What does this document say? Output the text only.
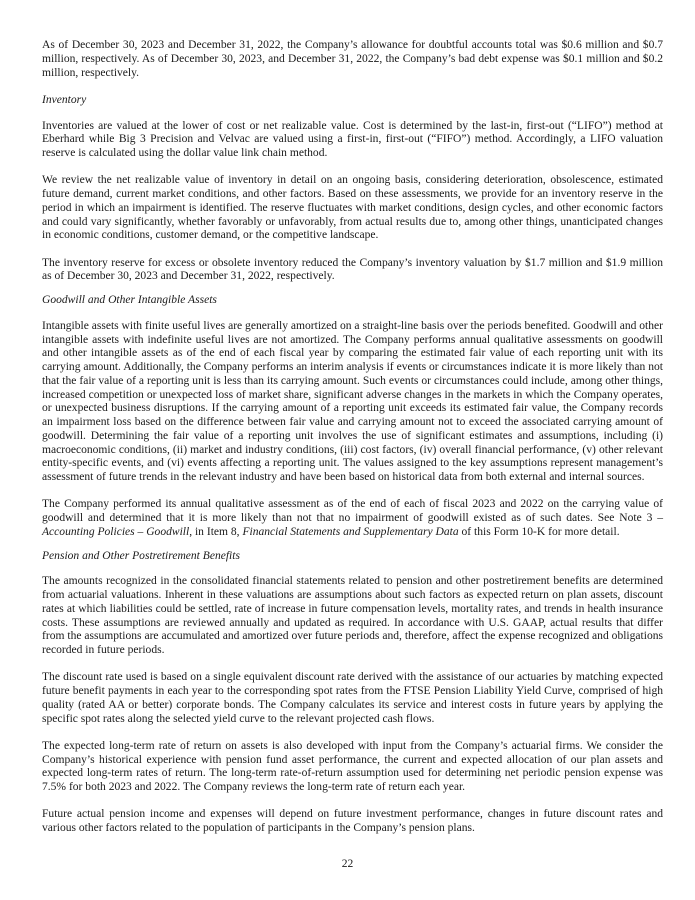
As of December 30, 2023 and December 31, 2022, the Company’s allowance for doubtful accounts total was $0.6 million and $0.7 million, respectively. As of December 30, 2023, and December 31, 2022, the Company’s bad debt expense was $0.1 million and $0.2 million, respectively.

Inventory

Inventories are valued at the lower of cost or net realizable value. Cost is determined by the last-in, first-out (“LIFO”) method at Eberhard while Big 3 Precision and Velvac are valued using a first-in, first-out (“FIFO”) method. Accordingly, a LIFO valuation reserve is calculated using the dollar value link chain method.

We review the net realizable value of inventory in detail on an ongoing basis, considering deterioration, obsolescence, estimated future demand, current market conditions, and other factors. Based on these assessments, we provide for an inventory reserve in the period in which an impairment is identified. The reserve fluctuates with market conditions, design cycles, and other economic factors and could vary significantly, whether favorably or unfavorably, from actual results due to, among other things, unanticipated changes in economic conditions, customer demand, or the competitive landscape.

The inventory reserve for excess or obsolete inventory reduced the Company’s inventory valuation by $1.7 million and $1.9 million as of December 30, 2023 and December 31, 2022, respectively.

Goodwill and Other Intangible Assets

Intangible assets with finite useful lives are generally amortized on a straight-line basis over the periods benefited. Goodwill and other intangible assets with indefinite useful lives are not amortized. The Company performs annual qualitative assessments on goodwill and other intangible assets as of the end of each fiscal year by comparing the estimated fair value of each reporting unit with its carrying amount. Additionally, the Company performs an interim analysis if events or circumstances indicate it is more likely than not that the fair value of a reporting unit is less than its carrying amount. Such events or circumstances could include, among other things, increased competition or unexpected loss of market share, significant adverse changes in the markets in which the Company operates, or unexpected business disruptions. If the carrying amount of a reporting unit exceeds its estimated fair value, the Company records an impairment loss based on the difference between fair value and carrying amount not to exceed the associated carrying amount of goodwill. Determining the fair value of a reporting unit involves the use of significant estimates and assumptions, including (i) macroeconomic conditions, (ii) market and industry conditions, (iii) cost factors, (iv) overall financial performance, (v) other relevant entity-specific events, and (vi) events affecting a reporting unit. The values assigned to the key assumptions represent management’s assessment of future trends in the relevant industry and have been based on historical data from both external and internal sources.

The Company performed its annual qualitative assessment as of the end of each of fiscal 2023 and 2022 on the carrying value of goodwill and determined that it is more likely than not that no impairment of goodwill existed as of such dates. See Note 3 – Accounting Policies – Goodwill, in Item 8, Financial Statements and Supplementary Data of this Form 10-K for more detail.

Pension and Other Postretirement Benefits

The amounts recognized in the consolidated financial statements related to pension and other postretirement benefits are determined from actuarial valuations. Inherent in these valuations are assumptions about such factors as expected return on plan assets, discount rates at which liabilities could be settled, rate of increase in future compensation levels, mortality rates, and trends in health insurance costs. These assumptions are reviewed annually and updated as required. In accordance with U.S. GAAP, actual results that differ from the assumptions are accumulated and amortized over future periods and, therefore, affect the expense recognized and obligations recorded in future periods.

The discount rate used is based on a single equivalent discount rate derived with the assistance of our actuaries by matching expected future benefit payments in each year to the corresponding spot rates from the FTSE Pension Liability Yield Curve, comprised of high quality (rated AA or better) corporate bonds. The Company calculates its service and interest costs in future years by applying the specific spot rates along the selected yield curve to the relevant projected cash flows.

The expected long-term rate of return on assets is also developed with input from the Company’s actuarial firms. We consider the Company’s historical experience with pension fund asset performance, the current and expected allocation of our plan assets and expected long-term rates of return. The long-term rate-of-return assumption used for determining net periodic pension expense was 7.5% for both 2023 and 2022. The Company reviews the long-term rate of return each year.

Future actual pension income and expenses will depend on future investment performance, changes in future discount rates and various other factors related to the population of participants in the Company’s pension plans.

22
